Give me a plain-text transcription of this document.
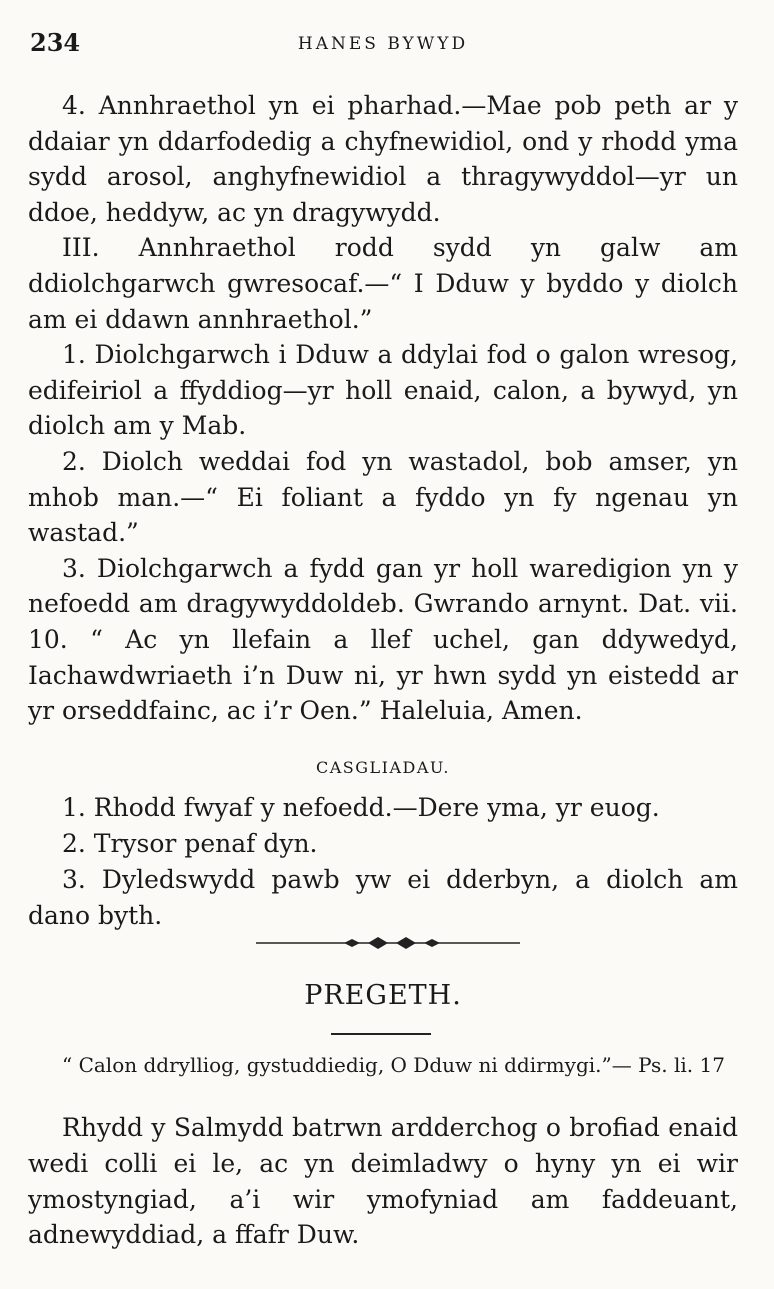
234	HANES BYWYD

4. Annhraethol yn ei pharhad.—Mae pob peth ar y ddaiar yn ddarfodedig a chyfnewidiol, ond y rhodd yma sydd arosol, anghyfnewidiol a thragywyddol—yr un ddoe, heddyw, ac yn dragywydd.

III. Annhraethol rodd sydd yn galw am ddiolchgarwch gwresocaf.—“ I Dduw y byddo y diolch am ei ddawn annhraethol.”

1. Diolchgarwch i Dduw a ddylai fod o galon wresog, edifeiriol a ffyddiog—yr holl enaid, calon, a bywyd, yn diolch am y Mab.

2. Diolch weddai fod yn wastadol, bob amser, yn mhob man.—“ Ei foliant a fyddo yn fy ngenau yn wastad.”

3. Diolchgarwch a fydd gan yr holl waredigion yn y nefoedd am dragywyddoldeb. Gwrando arnynt. Dat. vii. 10. “ Ac yn llefain a llef uchel, gan ddywedyd, Iachawdwriaeth i’n Duw ni, yr hwn sydd yn eistedd ar yr orseddfainc, ac i’r Oen.” Haleluia, Amen.

CASGLIADAU.

1. Rhodd fwyaf y nefoedd.—Dere yma, yr euog.

2. Trysor penaf dyn.

3. Dyledswydd pawb yw ei dderbyn, a diolch am dano byth.

PREGETH.

“ Calon ddrylliog, gystuddiedig, O Dduw ni ddirmygi.”— Ps. li. 17

Rhydd y Salmydd batrwn ardderchog o brofiad enaid wedi colli ei le, ac yn deimladwy o hyny yn ei wir ymostyngiad, a’i wir ymofyniad am faddeuant, adnewyddiad, a ffafr Duw.
